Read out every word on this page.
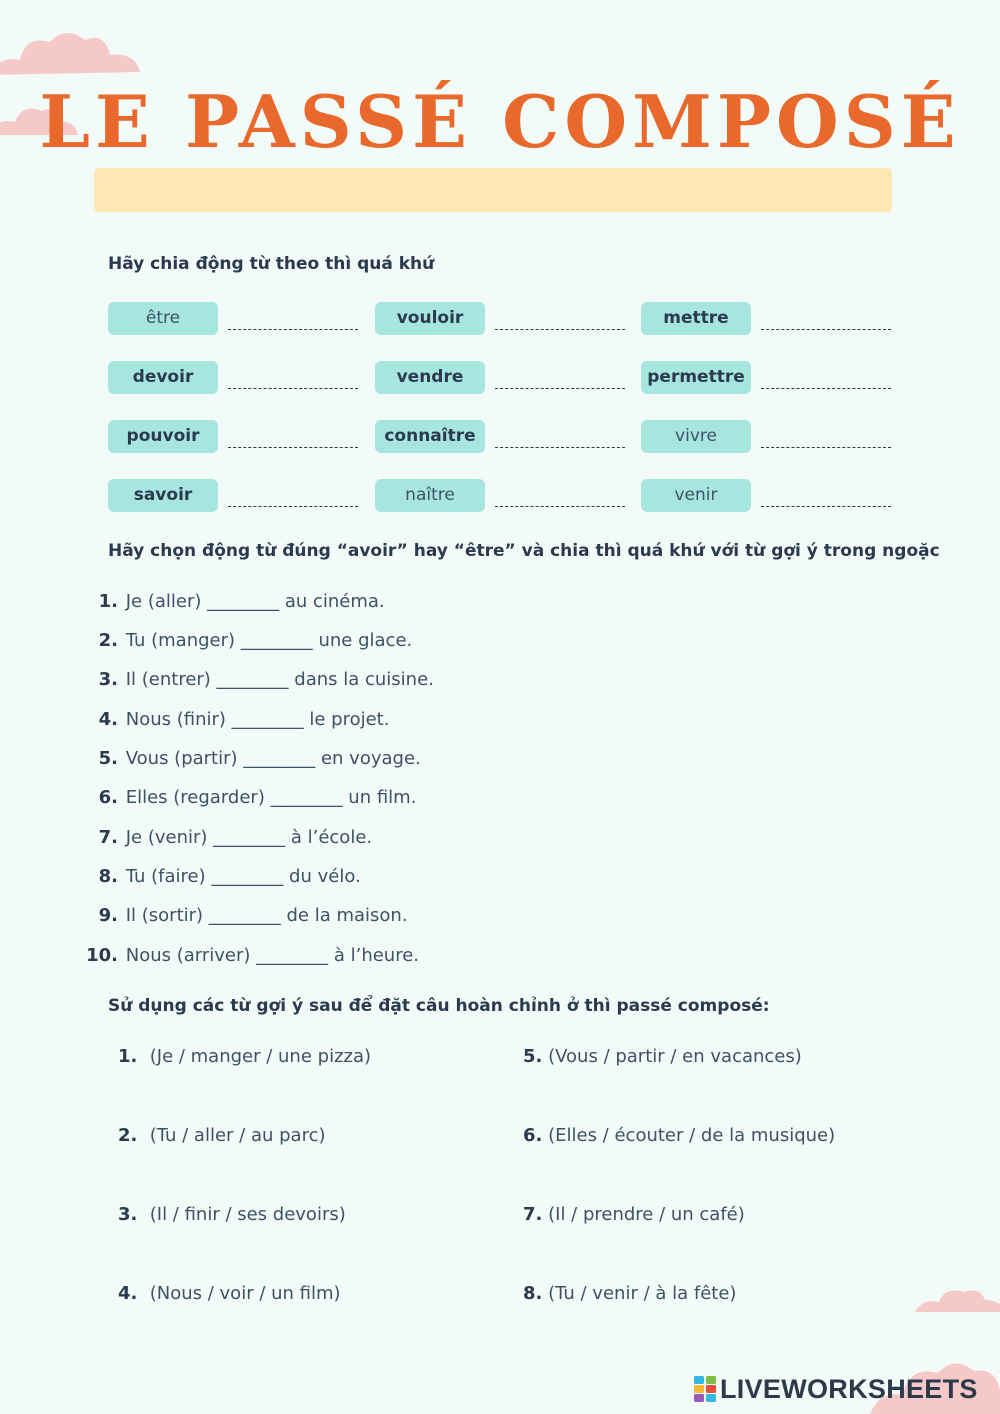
LE PASSÉ COMPOSÉ
Hãy chia động từ theo thì quá khứ
être	vouloir	mettre
devoir	vendre	permettre
pouvoir	connaître	vivre
savoir	naître	venir
Hãy chọn động từ đúng “avoir” hay “être” và chia thì quá khứ với từ gợi ý trong ngoặc
1. Je (aller) ________ au cinéma.
2. Tu (manger) ________ une glace.
3. Il (entrer) ________ dans la cuisine.
4. Nous (finir) ________ le projet.
5. Vous (partir) ________ en voyage.
6. Elles (regarder) ________ un film.
7. Je (venir) ________ à l’école.
8. Tu (faire) ________ du vélo.
9. Il (sortir) ________ de la maison.
10. Nous (arriver) ________ à l’heure.
Sử dụng các từ gợi ý sau để đặt câu hoàn chỉnh ở thì passé composé:
1. (Je / manger / une pizza)
2. (Tu / aller / au parc)
3. (Il / finir / ses devoirs)
4. (Nous / voir / un film)
5. (Vous / partir / en vacances)
6. (Elles / écouter / de la musique)
7. (Il / prendre / un café)
8. (Tu / venir / à la fête)
LIVEWORKSHEETS
